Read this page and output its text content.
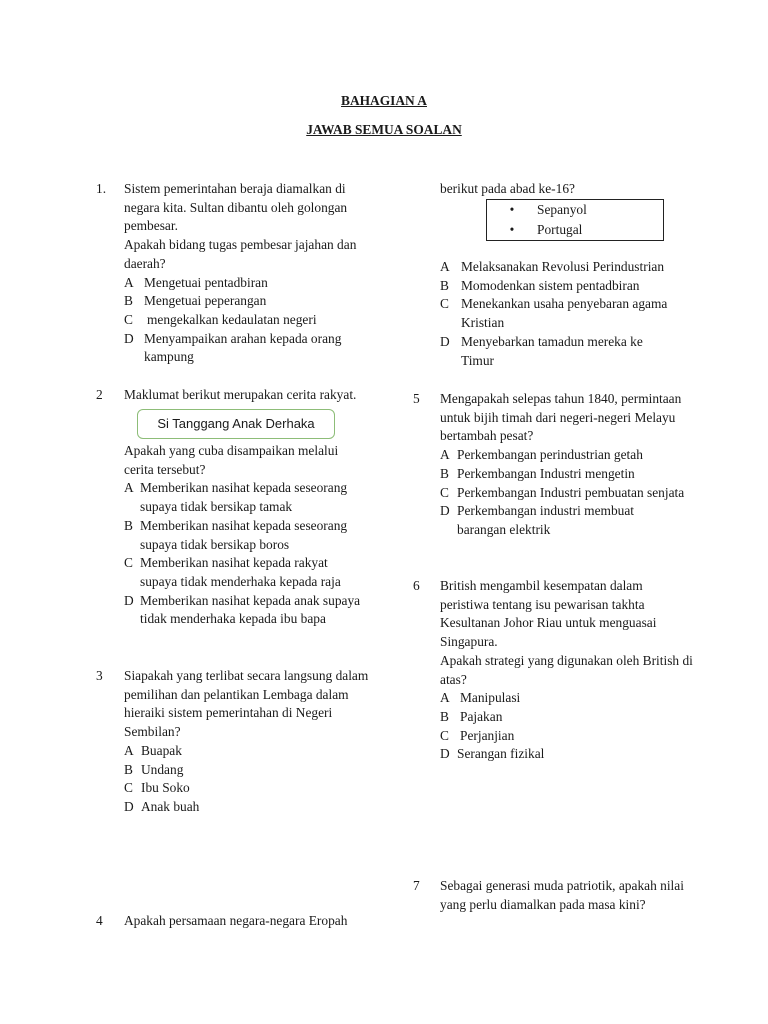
BAHAGIAN A
JAWAB SEMUA SOALAN
1.	Sistem pemerintahan beraja diamalkan di negara kita. Sultan dibantu oleh golongan pembesar.

Apakah bidang tugas pembesar jajahan dan daerah?

A Mengetuai pentadbiran
B Mengetuai peperangan
C	mengekalkan kedaulatan negeri
D Menyampaikan arahan kepada orang kampung
2	Maklumat berikut merupakan cerita rakyat.

Si Tanggang Anak Derhaka

Apakah yang cuba disampaikan melalui cerita tersebut?

A Memberikan nasihat kepada seseorang supaya tidak bersikap tamak
B Memberikan nasihat kepada seseorang supaya tidak bersikap boros
C Memberikan nasihat kepada rakyat supaya tidak menderhaka kepada raja
D Memberikan nasihat kepada anak supaya tidak menderhaka kepada ibu bapa
3	Siapakah yang terlibat secara langsung dalam pemilihan dan pelantikan Lembaga dalam hieraiki sistem pemerintahan di Negeri Sembilan?

A Buapak
B Undang
C Ibu Soko
D Anak buah
4	Apakah persamaan negara-negara Eropah
berikut pada abad ke-16?
•	Sepanyol
•	Portugal
A Melaksanakan Revolusi Perindustrian
B Momodenkan sistem pentadbiran
C Menekankan usaha penyebaran agama Kristian
D Menyebarkan tamadun mereka ke Timur
5	Mengapakah selepas tahun 1840, permintaan untuk bijih timah dari negeri-negeri Melayu bertambah pesat?

A Perkembangan perindustrian getah
B Perkembangan Industri mengetin
C Perkembangan Industri pembuatan senjata
D Perkembangan industri membuat barangan elektrik
6	British mengambil kesempatan dalam peristiwa tentang isu pewarisan takhta Kesultanan Johor Riau untuk menguasai Singapura.

Apakah strategi yang digunakan oleh British di atas?

A Manipulasi
B Pajakan
C Perjanjian
D Serangan fizikal
7	Sebagai generasi muda patriotik, apakah nilai yang perlu diamalkan pada masa kini?
